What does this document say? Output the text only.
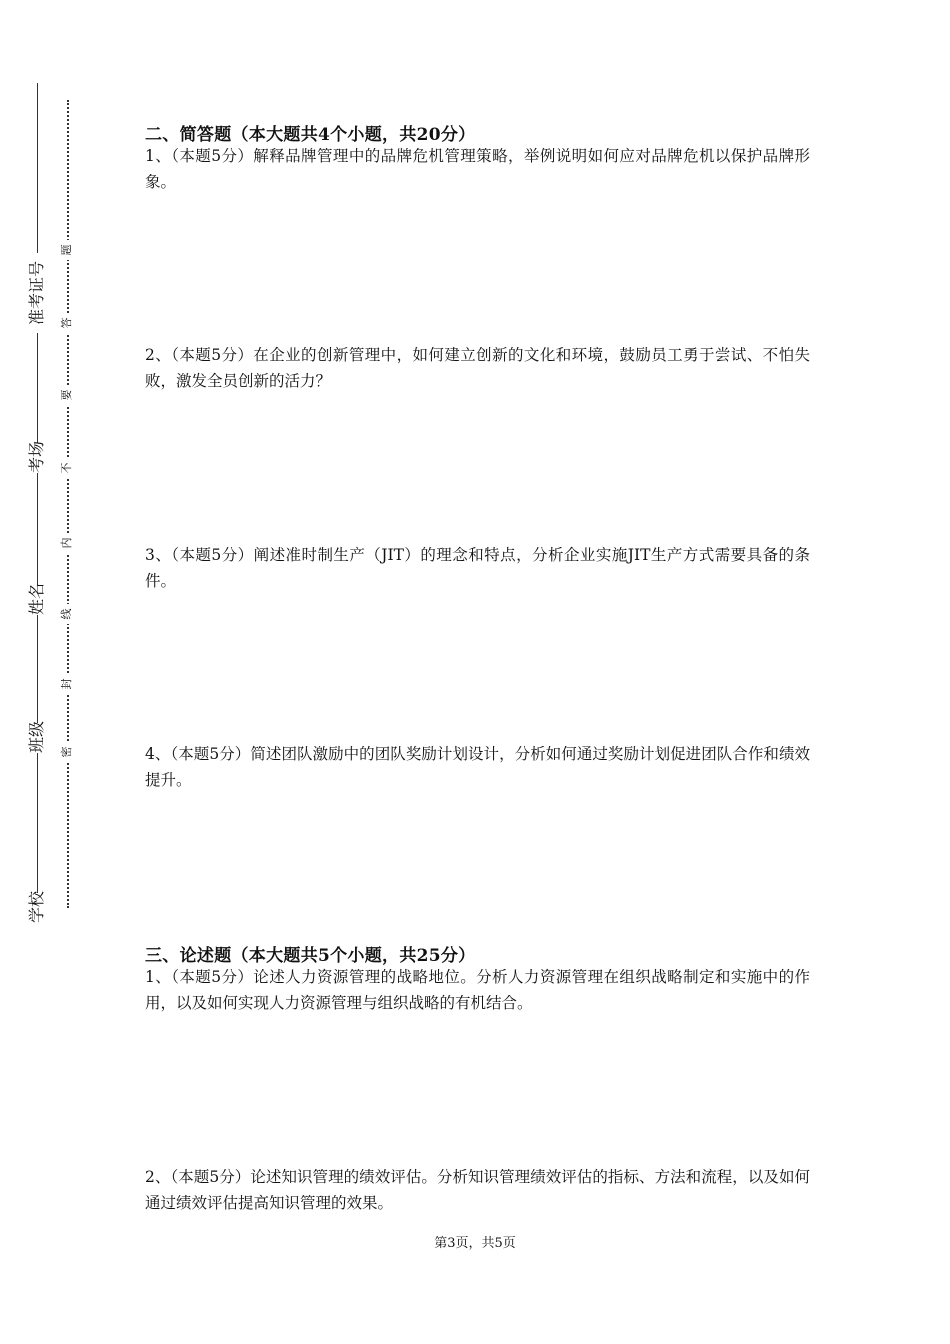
学校
班级
姓名
考场
准考证号
密
封
线
内
不
要
答
题
二、简答题（本大题共4个小题，共20分）
1、（本题5分）解释品牌管理中的品牌危机管理策略，举例说明如何应对品牌危机以保护品牌形象。
2、（本题5分）在企业的创新管理中，如何建立创新的文化和环境，鼓励员工勇于尝试、不怕失败，激发全员创新的活力？
3、（本题5分）阐述准时制生产（JIT）的理念和特点，分析企业实施JIT生产方式需要具备的条件。
4、（本题5分）简述团队激励中的团队奖励计划设计，分析如何通过奖励计划促进团队合作和绩效提升。
三、论述题（本大题共5个小题，共25分）
1、（本题5分）论述人力资源管理的战略地位。分析人力资源管理在组织战略制定和实施中的作用，以及如何实现人力资源管理与组织战略的有机结合。
2、（本题5分）论述知识管理的绩效评估。分析知识管理绩效评估的指标、方法和流程，以及如何通过绩效评估提高知识管理的效果。
第3页，共5页
